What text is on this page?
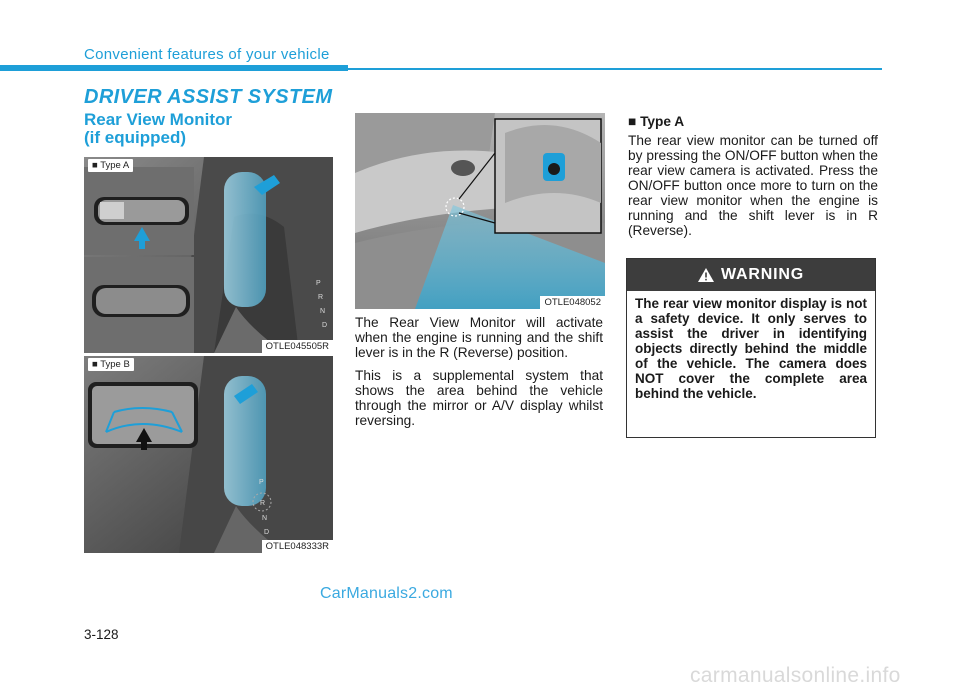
Convenient features of your vehicle
DRIVER ASSIST SYSTEM
Rear View Monitor
(if equipped)
P
R
N
D
■ Type A
OTLE045505R
P
R
N
D
■ Type B
OTLE048333R
OTLE048052
The Rear View Monitor will activate when the engine is running and the shift lever is in the R (Reverse) position.
This is a supplemental system that shows the area behind the vehicle through the mirror or A/V display whilst reversing.
■ Type A
The rear view monitor can be turned off by pressing the ON/OFF button when the rear view camera is activated. Press the ON/OFF button once more to turn on the rear view monitor when the engine is running and the shift lever is in R (Reverse).
WARNING
The rear view monitor display is not a safety device. It only serves to assist the driver in identifying objects directly behind the middle of the vehicle. The camera does NOT cover the complete area behind the vehicle.
CarManuals2.com
3-128
carmanualsonline.info
